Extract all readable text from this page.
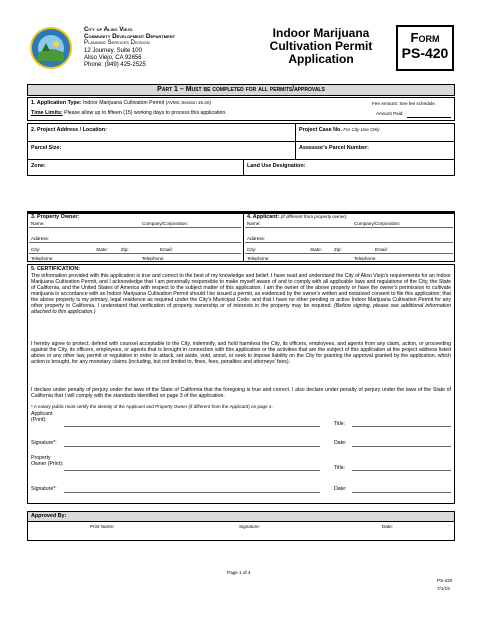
City of Aliso Viejo
Community Development Department
Planning Services Division
12 Journey, Suite 100
Aliso Viejo, CA 92656
Phone: (949) 425-2525
Indoor Marijuana
Cultivation Permit
Application
Form
PS-420
Part 1 – Must be completed for all permits/approvals
1. Application Type: Indoor Marijuana Cultivation Permit (AVMC Section 15.40)
Time Limits: Please allow up to fifteen (15) working days to process this application.
Fee Amount: See fee schedule.
Amount Paid:
2. Project Address / Location:	Project Case No. For City Use Only
Parcel Size:	Assessor's Parcel Number:
Zone:	Land Use Designation:
3. Property Owner:
Name:	Company/Corporation:
Address:
City:	State:	Zip:	Email:
Telephone:	Telephone:
4. Applicant: (If different from property owner)
Name:	Company/Corporation:
Address:
City:	State:	Zip:	Email:
Telephone:	Telephone:
5. CERTIFICATION:
The information provided with this application is true and correct to the best of my knowledge and belief. I have read and understand the City of Aliso Viejo's requirements for an Indoor Marijuana Cultivation Permit, and I acknowledge that I am personally responsible to make myself aware of and to comply with all applicable laws and regulations of the City, the State of California, and the United States of America with respect to the subject matter of this application. I am the owner of the above property or have the owner's permission to cultivate marijuana in accordance with an Indoor Marijuana Cultivation Permit should I be issued a permit, as evidenced by the owner's written and notarized consent to file this application; that the above property is my primary, legal residence as required under the City's Municipal Code; and that I have no other pending or active Indoor Marijuana Cultivation Permit for any other property in California. I understand that verification of property ownership or of interests in the property may be required. (Before signing, please see additional information attached to this application.)
I hereby agree to protect, defend with counsel acceptable to the City, indemnify, and hold harmless the City, its officers, employees, and agents from any claim, action, or proceeding against the City, its officers, employees, or agents that is brought in connection with this application or the activities that are the subject of this application at the project address listed above or any other law, permit or regulation in order to attack, set aside, void, annul, or seek to impose liability on the City for granting the approval granted by the application, which action is brought, for any monetary claims (including, but not limited to, fines, fees, penalties and attorneys' fees).
I declare under penalty of perjury under the laws of the State of California that the foregoing is true and correct. I also declare under penalty of perjury under the laws of the State of California that I will comply with the standards identified on page 3 of the application.
* A notary public must certify the identity of the Applicant and Property Owner (if different from the Applicant) on page 4.
Applicant (Print):
Title:
Signature*:	Date:
Property Owner (Print):
Title:
Signature*:	Date:
Approved By:
Print Name:	Signature:	Date:
Page 1 of 4
PS-420
7/1/19
